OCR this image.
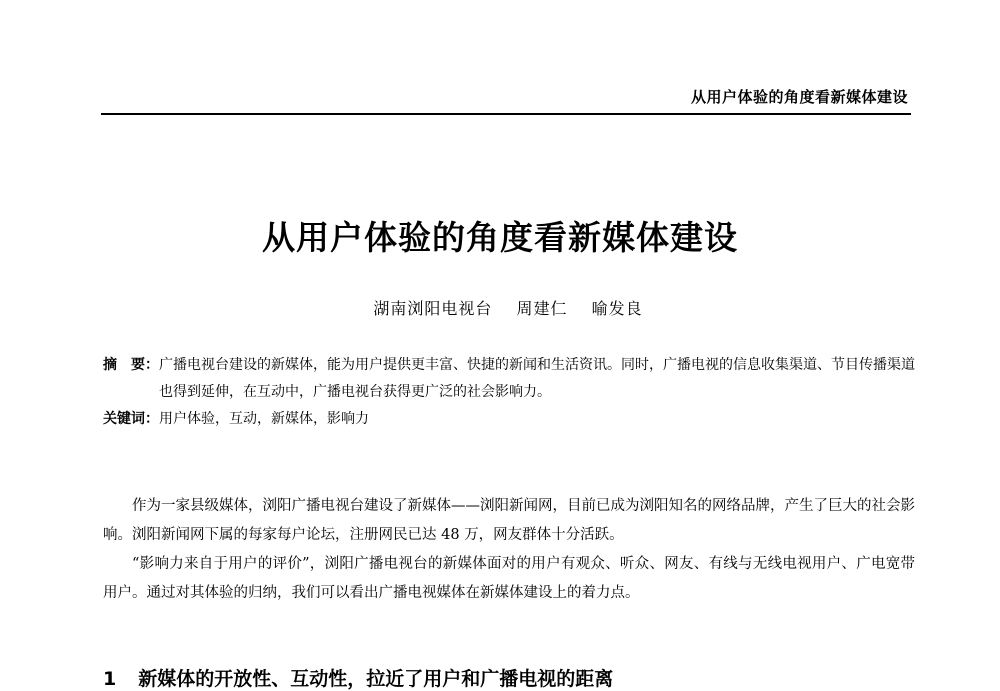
从用户体验的角度看新媒体建设
从用户体验的角度看新媒体建设
湖南浏阳电视台 周建仁 喻发良
摘　要： 广播电视台建设的新媒体，能为用户提供更丰富、快捷的新闻和生活资讯。同时，广播电视的信息收集渠道、节目传播渠道也得到延伸，在互动中，广播电视台获得更广泛的社会影响力。
关键词： 用户体验，互动，新媒体，影响力

作为一家县级媒体，浏阳广播电视台建设了新媒体——浏阳新闻网，目前已成为浏阳知名的网络品牌，产生了巨大的社会影响。浏阳新闻网下属的每家每户论坛，注册网民已达 48 万，网友群体十分活跃。

“影响力来自于用户的评价”，浏阳广播电视台的新媒体面对的用户有观众、听众、网友、有线与无线电视用户、广电宽带用户。通过对其体验的归纳，我们可以看出广播电视媒体在新媒体建设上的着力点。

1 新媒体的开放性、互动性，拉近了用户和广播电视的距离
